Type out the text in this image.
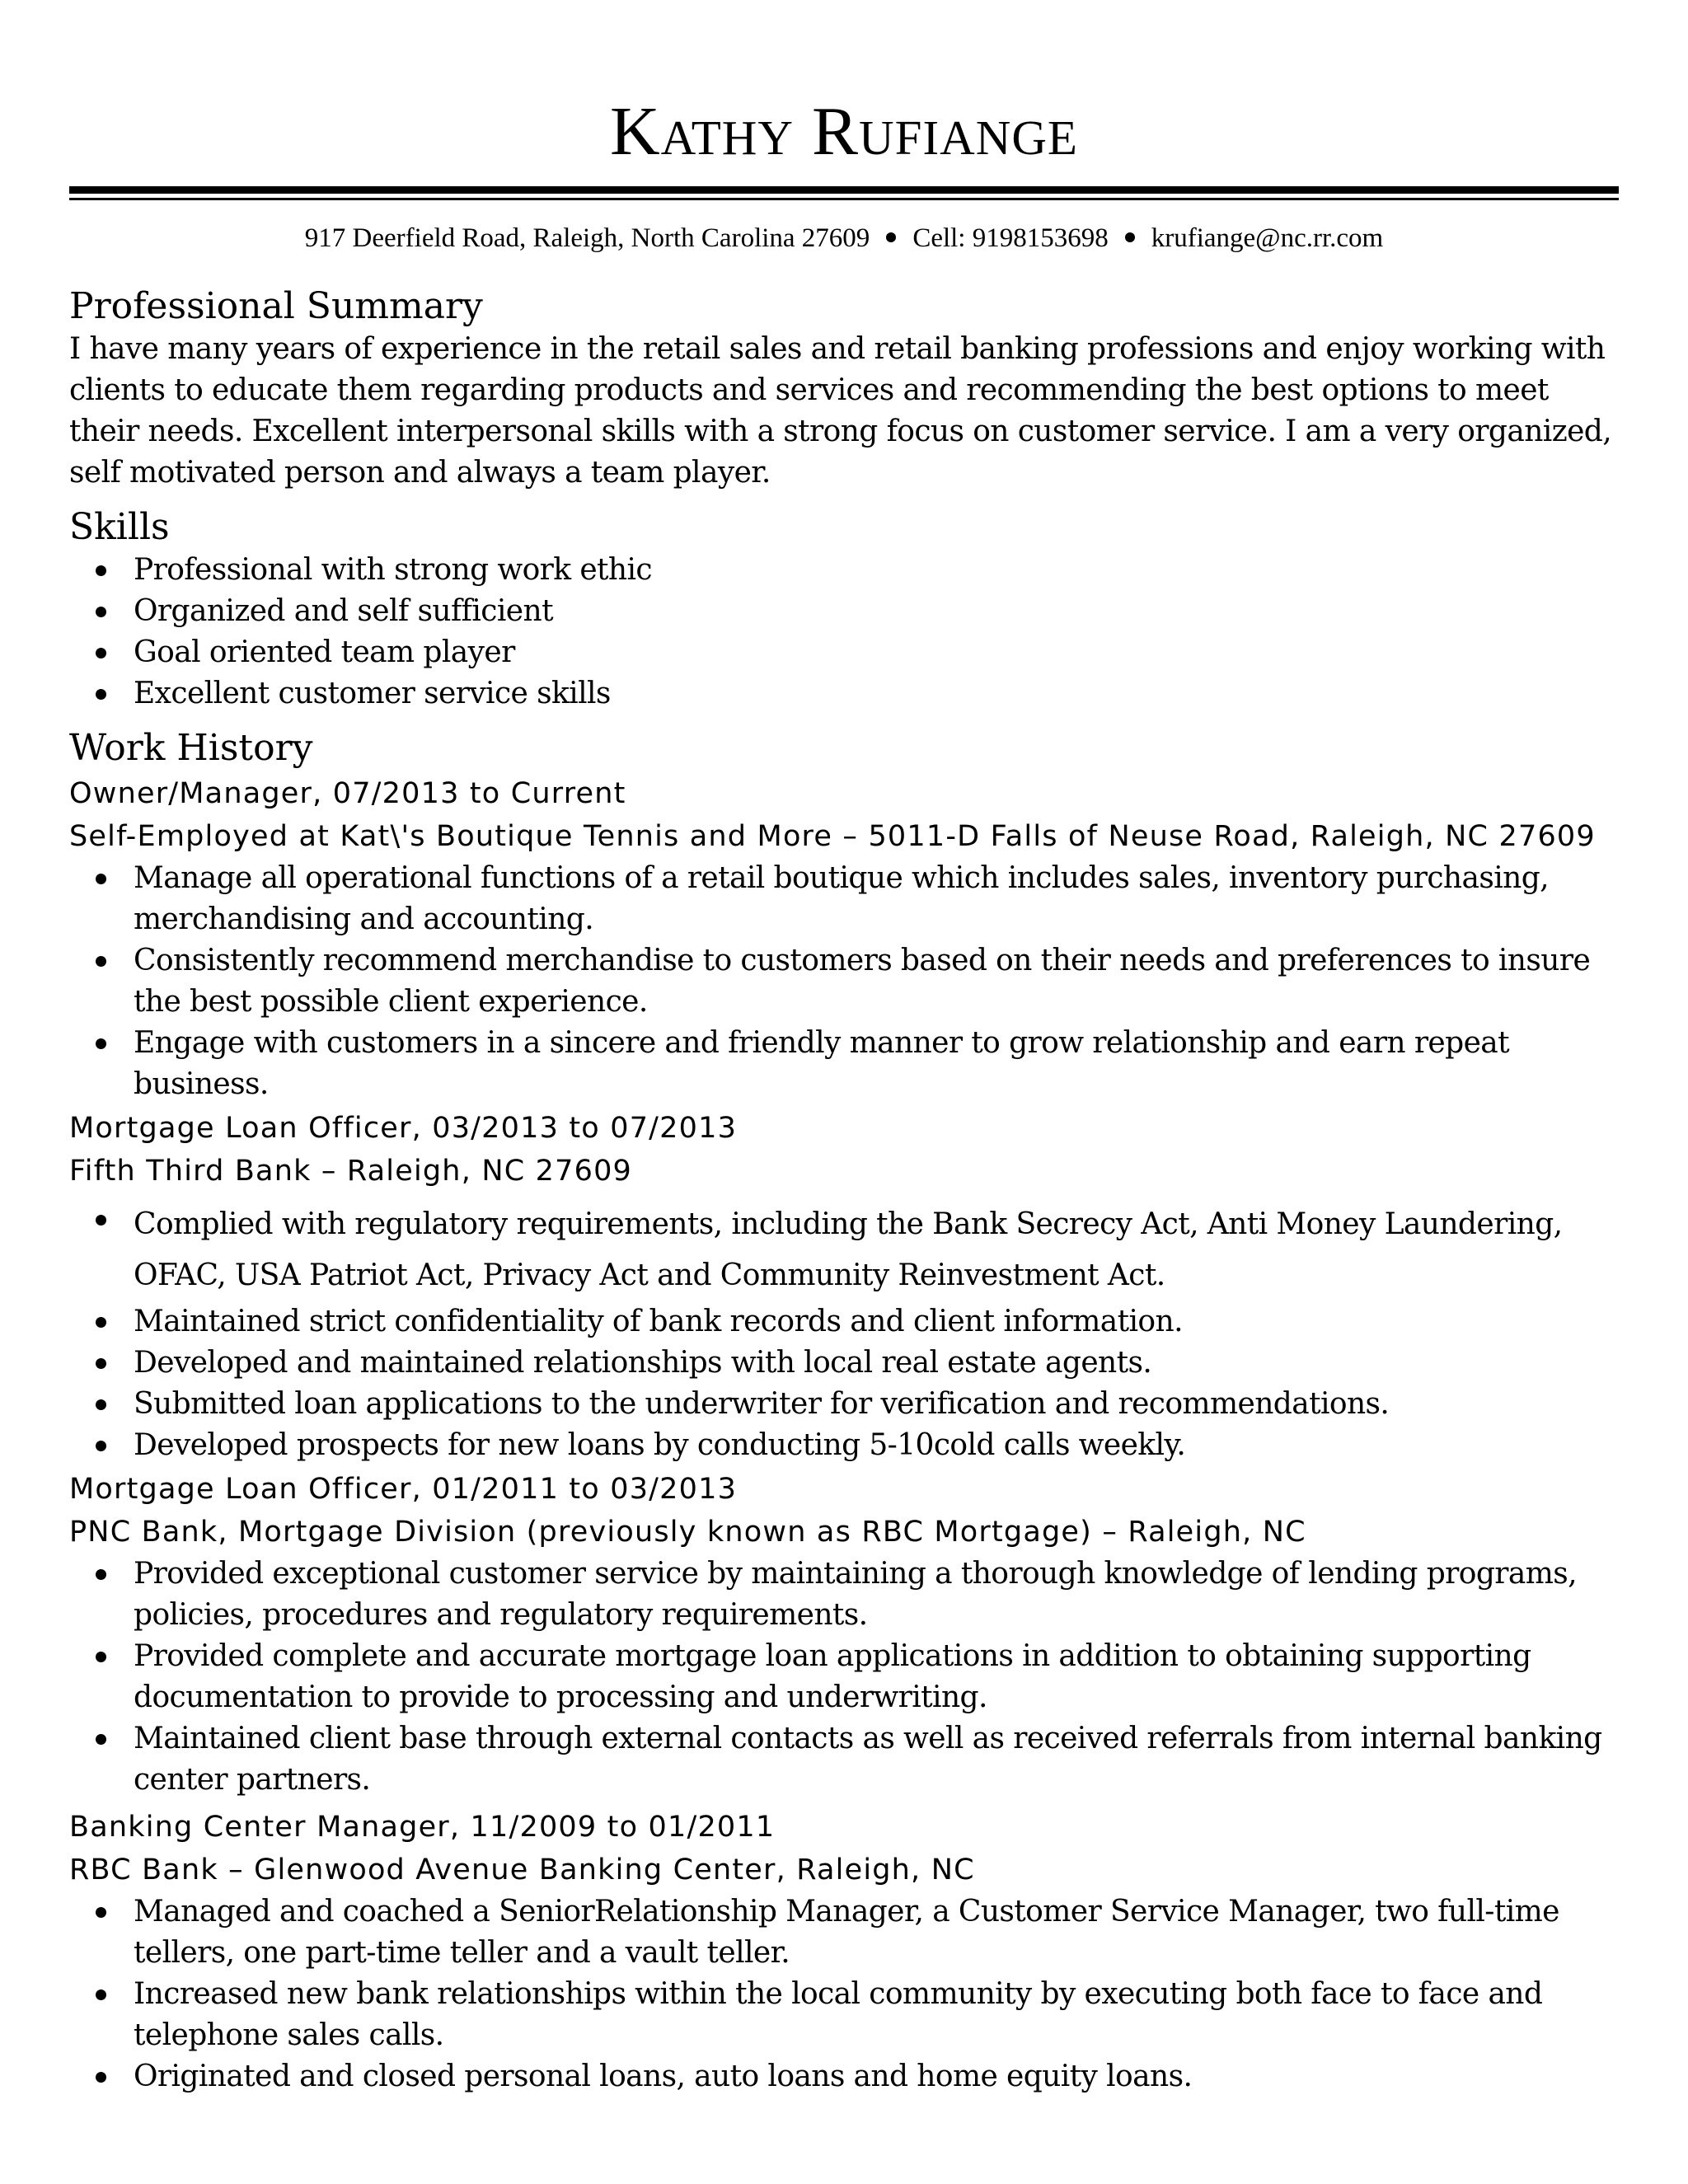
Kathy Rufiange
917 Deerfield Road, Raleigh, North Carolina 27609 Cell: 9198153698 krufiange@nc.rr.com
Professional Summary
I have many years of experience in the retail sales and retail banking professions and enjoy working with clients to educate them regarding products and services and recommending the best options to meet their needs. Excellent interpersonal skills with a strong focus on customer service. I am a very organized, self motivated person and always a team player.
Skills
Professional with strong work ethic
Organized and self sufficient
Goal oriented team player
Excellent customer service skills
Work History
Owner/Manager, 07/2013 to Current
Self-Employed at Kat\'s Boutique Tennis and More – 5011-D Falls of Neuse Road, Raleigh, NC 27609
Manage all operational functions of a retail boutique which includes sales, inventory purchasing, merchandising and accounting.
Consistently recommend merchandise to customers based on their needs and preferences to insure the best possible client experience.
Engage with customers in a sincere and friendly manner to grow relationship and earn repeat business.
Mortgage Loan Officer, 03/2013 to 07/2013
Fifth Third Bank – Raleigh, NC 27609
Complied with regulatory requirements, including the Bank Secrecy Act, Anti Money Laundering, OFAC, USA Patriot Act, Privacy Act and Community Reinvestment Act.
Maintained strict confidentiality of bank records and client information.
Developed and maintained relationships with local real estate agents.
Submitted loan applications to the underwriter for verification and recommendations.
Developed prospects for new loans by conducting 5-10cold calls weekly.
Mortgage Loan Officer, 01/2011 to 03/2013
PNC Bank, Mortgage Division (previously known as RBC Mortgage) – Raleigh, NC
Provided exceptional customer service by maintaining a thorough knowledge of lending programs, policies, procedures and regulatory requirements.
Provided complete and accurate mortgage loan applications in addition to obtaining supporting documentation to provide to processing and underwriting.
Maintained client base through external contacts as well as received referrals from internal banking center partners.
Banking Center Manager, 11/2009 to 01/2011
RBC Bank – Glenwood Avenue Banking Center, Raleigh, NC
Managed and coached a SeniorRelationship Manager, a Customer Service Manager, two full-time tellers, one part-time teller and a vault teller.
Increased new bank relationships within the local community by executing both face to face and telephone sales calls.
Originated and closed personal loans, auto loans and home equity loans.
